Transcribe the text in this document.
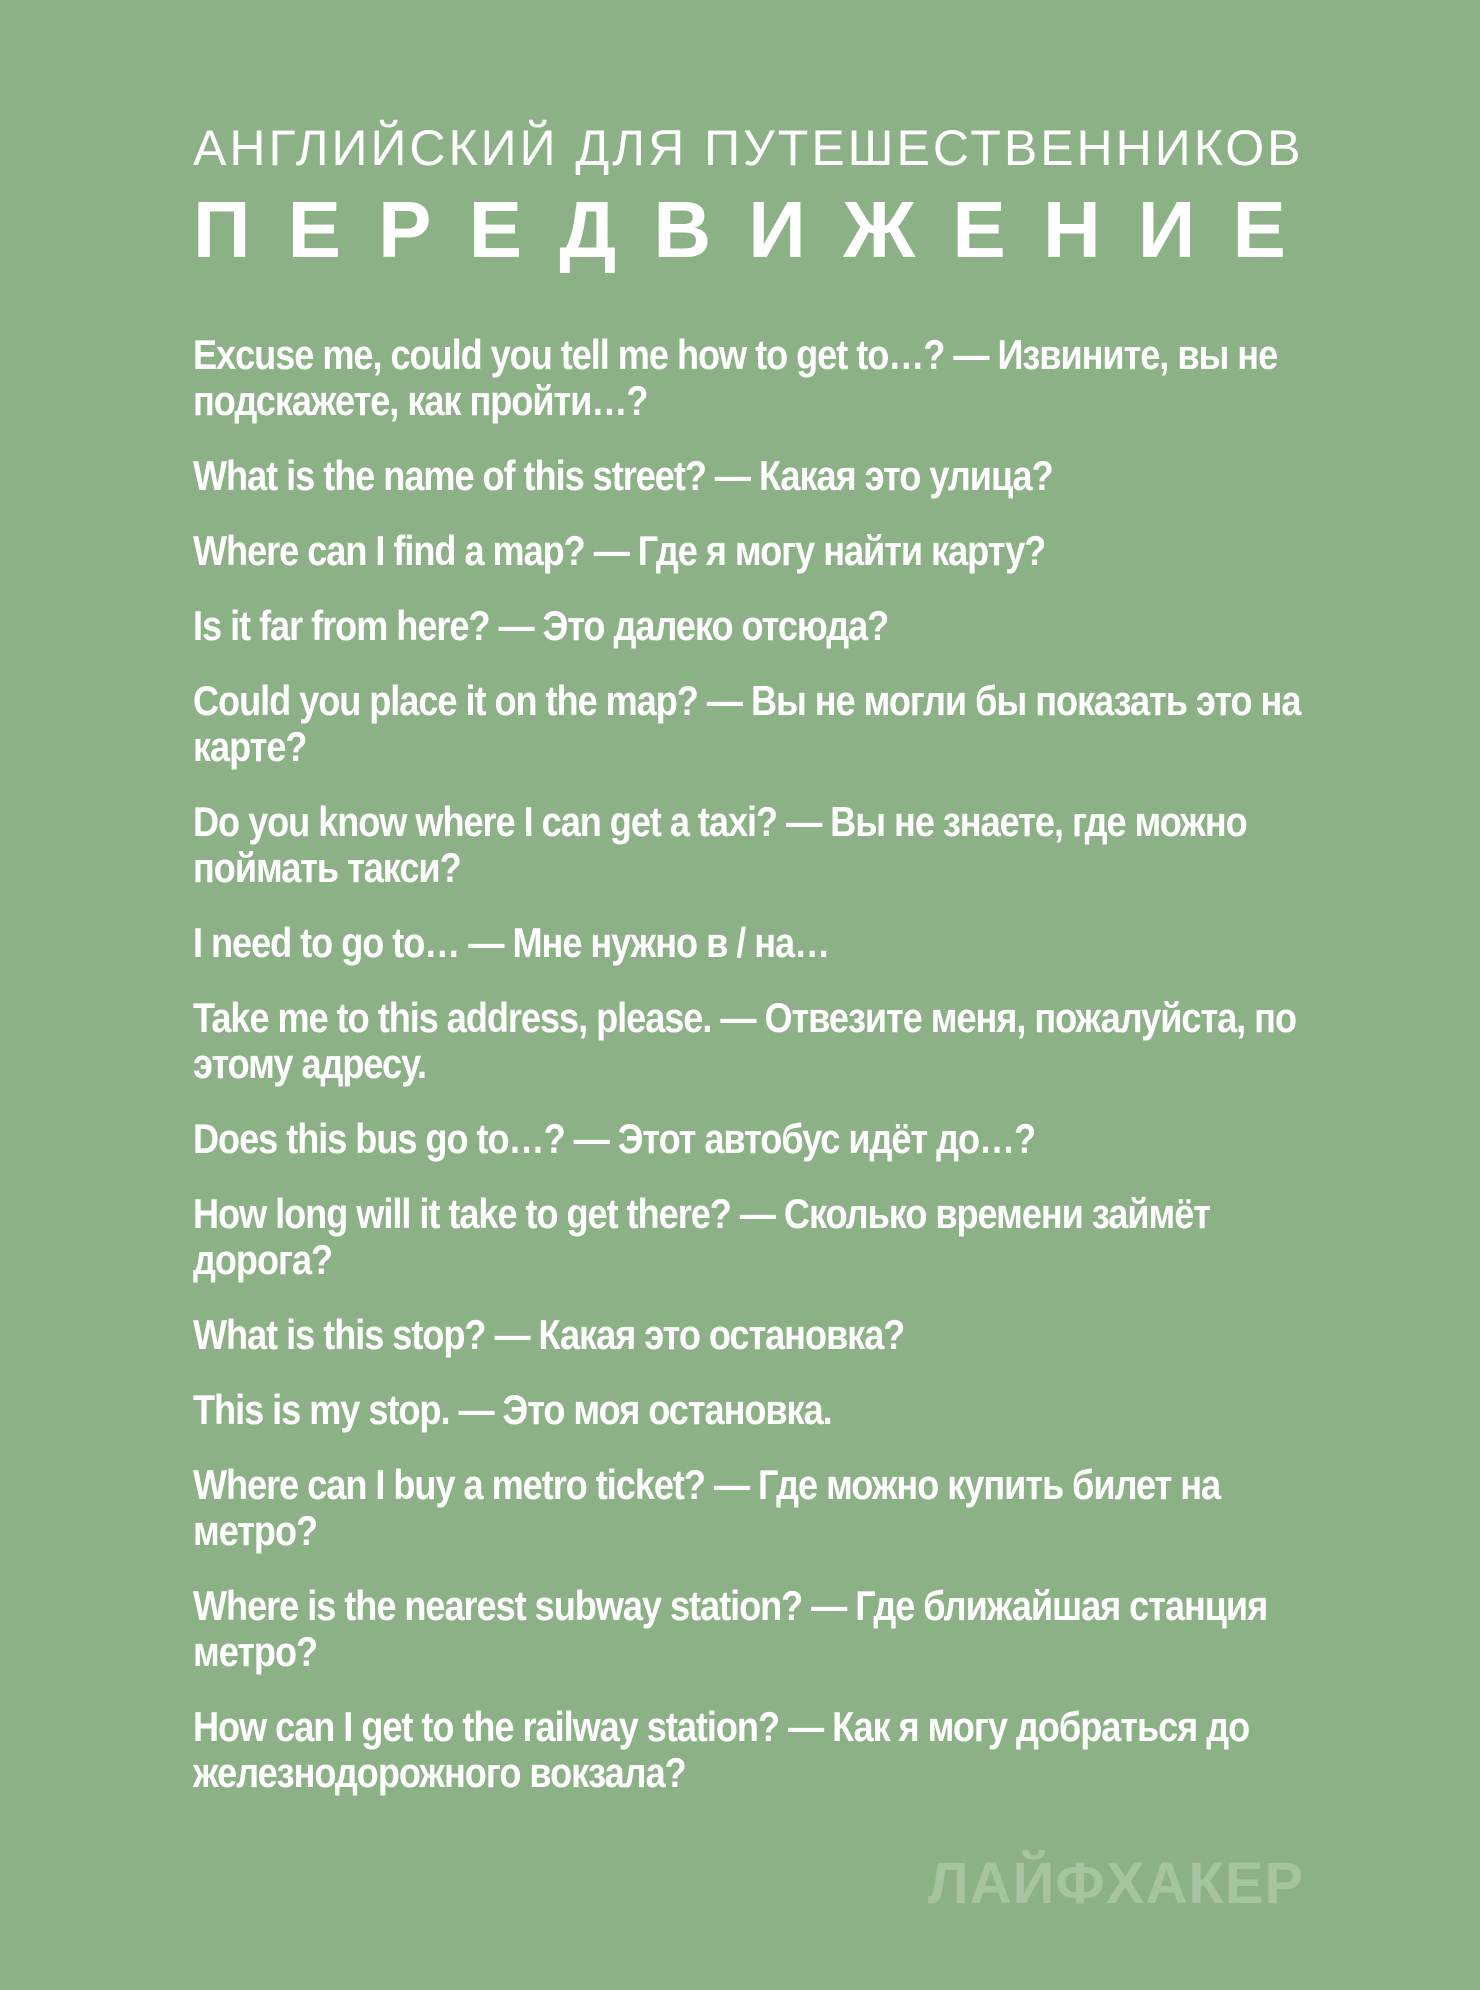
АНГЛИЙСКИЙ ДЛЯ ПУТЕШЕСТВЕННИКОВ
П Е Р Е Д В И Ж Е Н И Е
Excuse me, could you tell me how to get to…? — Извините, вы не подскажете, как пройти…?
What is the name of this street? — Какая это улица?
Where can I find a map? — Где я могу найти карту?
Is it far from here? — Это далеко отсюда?
Could you place it on the map? — Вы не могли бы показать это на карте?
Do you know where I can get a taxi? — Вы не знаете, где можно поймать такси?
I need to go to… — Мне нужно в / на…
Take me to this address, please. — Отвезите меня, пожалуйста, по этому адресу.
Does this bus go to…? — Этот автобус идёт до…?
How long will it take to get there? — Сколько времени займёт дорога?
What is this stop? — Какая это остановка?
This is my stop. — Это моя остановка.
Where can I buy a metro ticket? — Где можно купить билет на метро?
Where is the nearest subway station? — Где ближайшая станция метро?
How can I get to the railway station? — Как я могу добраться до железнодорожного вокзала?
ЛАЙФХАКЕР
